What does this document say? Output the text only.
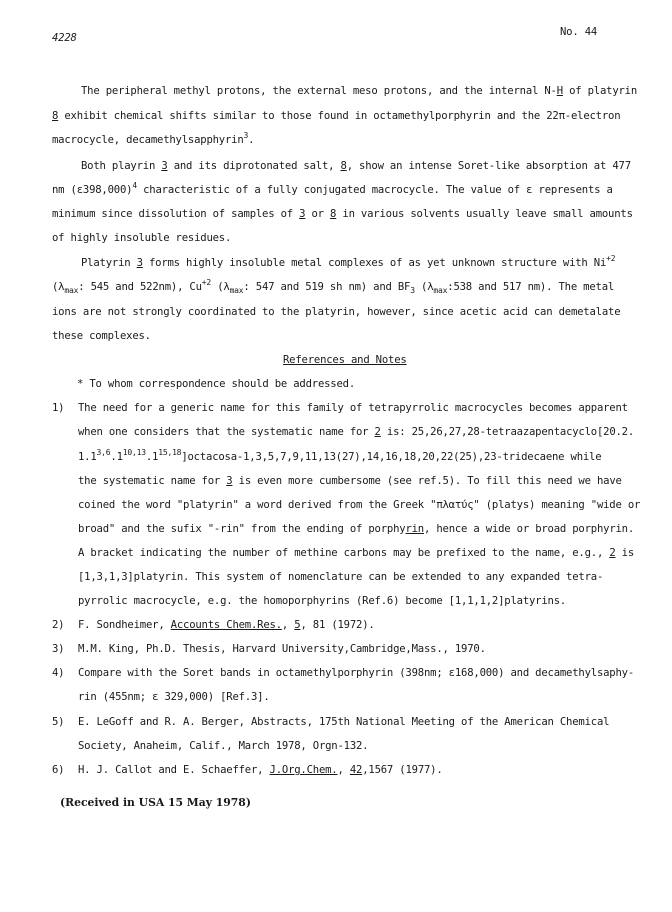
4228	No. 44
The peripheral methyl protons, the external meso protons, and the internal N-H of platyrin
8 exhibit chemical shifts similar to those found in octamethylporphyrin and the 22π-electron
macrocycle, decamethylsapphyrin$^3$.
Both playrin 3 and its diprotonated salt, 8, show an intense Soret-like absorption at 477
nm $(\varepsilon 398,000)^4$ characteristic of a fully conjugated macrocycle. The value of ε represents a
minimum since dissolution of samples of 3 or 8 in various solvents usually leave small amounts
of highly insoluble residues.
Platyrin 3 forms highly insoluble metal complexes of as yet unknown structure with $Ni^{+2}$
($\lambda_{max}$: 545 and 522nm), $Cu^{+2}$ ($\lambda_{max}$: 547 and 519 sh nm) and $BF_3$ ($\lambda_{max}:538$ and 517 nm). The metal
ions are not strongly coordinated to the platyrin, however, since acetic acid can demetalate
these complexes.
References and Notes
* To whom correspondence should be addressed.
1) The need for a generic name for this family of tetrapyrrolic macrocycles becomes apparent
when one considers that the systematic name for 2 is: 25,26,27,28-tetraazapentacyclo[20.2.
1.1$^{3,6}$.1$^{10,13}$.1$^{15,18}$]octacosa-1,3,5,7,9,11,13(27),14,16,18,20,22(25),23-tridecaene while
the systematic name for 3 is even more cumbersome (see ref.5). To fill this need we have
coined the word "platyrin" a word derived from the Greek "πλατύς" (platys) meaning "wide or
broad" and the sufix "-rin" from the ending of porphyrin, hence a wide or broad porphyrin.
A bracket indicating the number of methine carbons may be prefixed to the name, e.g., 2 is
[1,3,1,3]platyrin. This system of nomenclature can be extended to any expanded tetra-
pyrrolic macrocycle, e.g. the homoporphyrins (Ref.6) become [1,1,1,2]platyrins.
2) F. Sondheimer, Accounts Chem.Res., 5, 81 (1972).
3) M.M. King, Ph.D. Thesis, Harvard University,Cambridge,Mass., 1970.
4) Compare with the Soret bands in octamethylporphyrin (398nm; ε168,000) and decamethylsaphy-
rin (455nm; ε 329,000) [Ref.3].
5) E. LeGoff and R. A. Berger, Abstracts, 175th National Meeting of the American Chemical
Society, Anaheim, Calif., March 1978, Orgn-132.
6) H. J. Callot and E. Schaeffer, J.Org.Chem., 42,1567 (1977).
(Received in USA 15 May 1978)
